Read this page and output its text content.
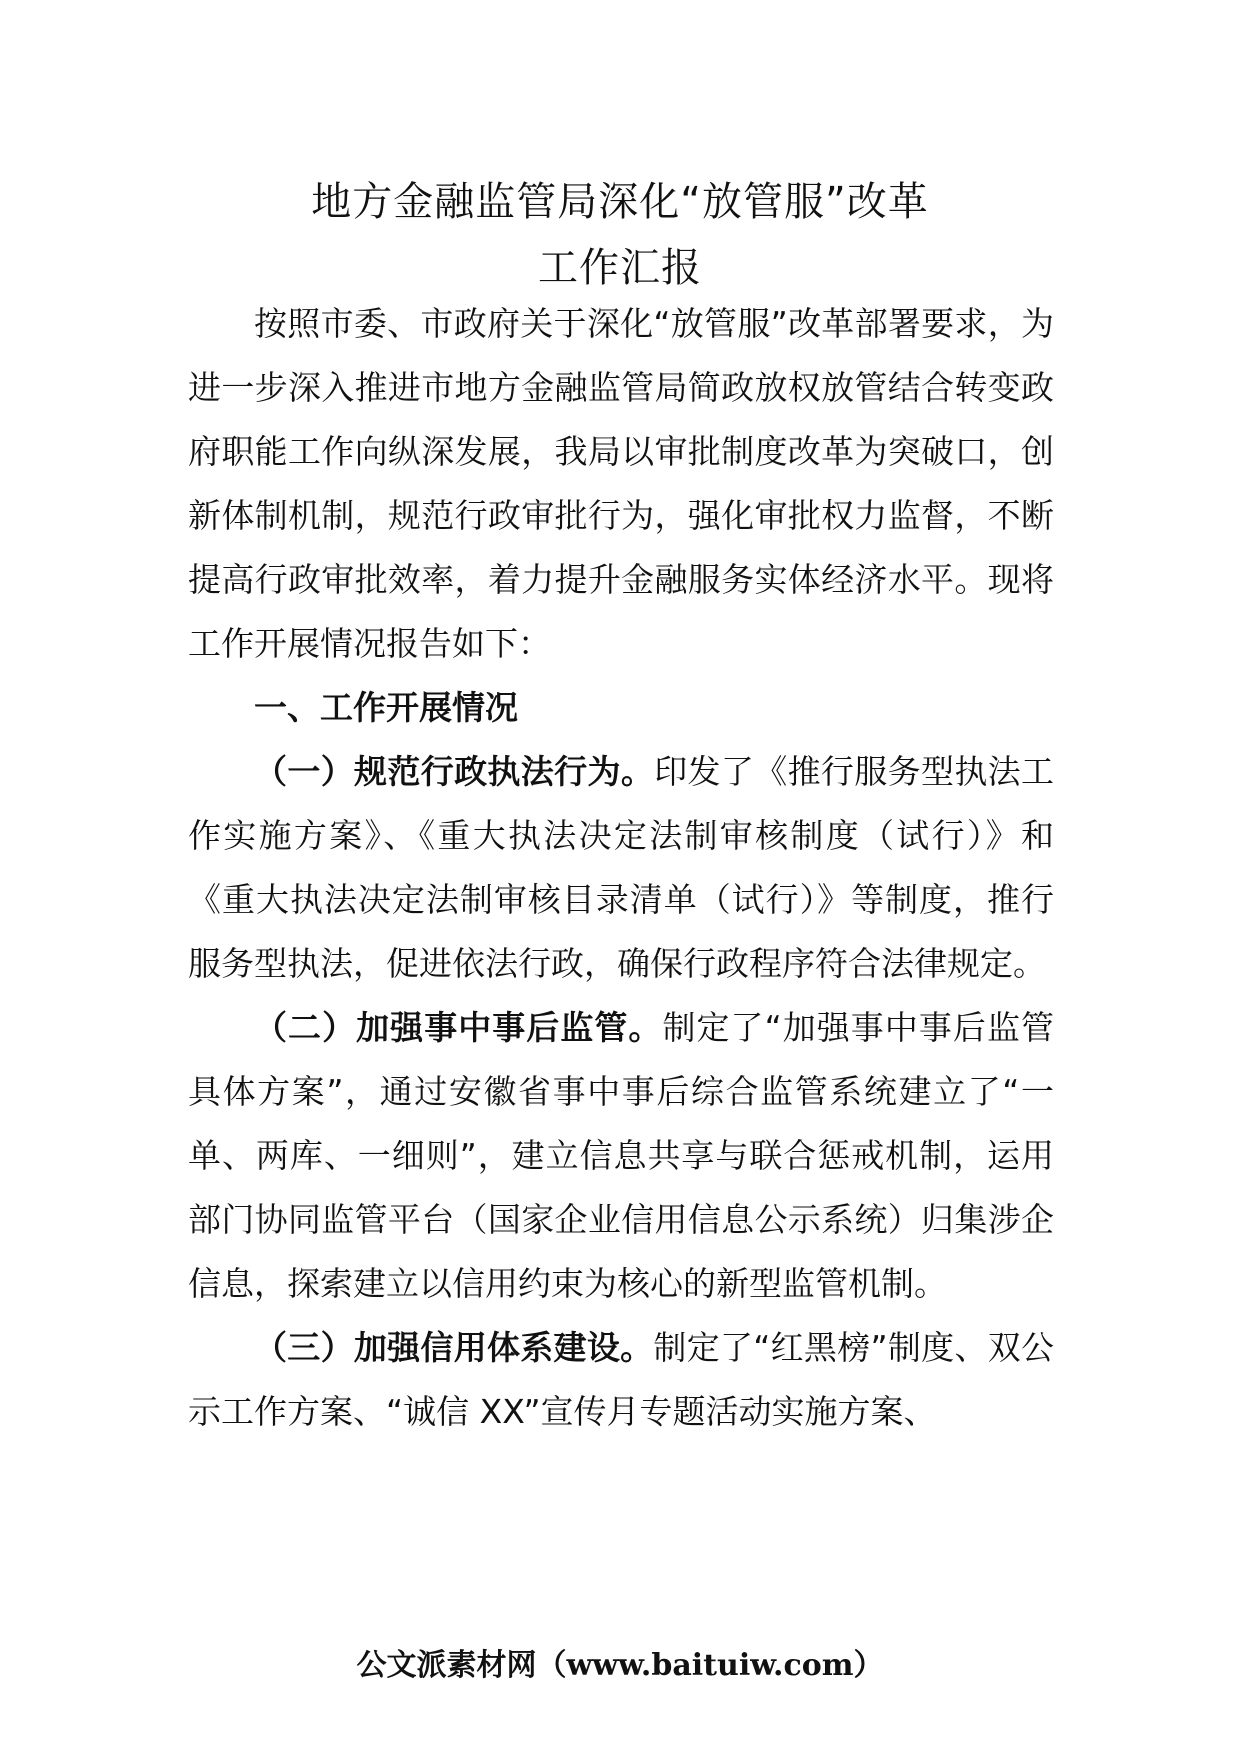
地方金融监管局深化“放管服”改革
工作汇报

按照市委、市政府关于深化“放管服”改革部署要求，为进一步深入推进市地方金融监管局简政放权放管结合转变政府职能工作向纵深发展，我局以审批制度改革为突破口，创新体制机制，规范行政审批行为，强化审批权力监督，不断提高行政审批效率，着力提升金融服务实体经济水平。现将工作开展情况报告如下：

一、工作开展情况

（一）规范行政执法行为。印发了《推行服务型执法工作实施方案》、《重大执法决定法制审核制度（试行）》和《重大执法决定法制审核目录清单（试行）》等制度，推行服务型执法，促进依法行政，确保行政程序符合法律规定。

（二）加强事中事后监管。制定了“加强事中事后监管具体方案”，通过安徽省事中事后综合监管系统建立了“一单、两库、一细则”，建立信息共享与联合惩戒机制，运用部门协同监管平台（国家企业信用信息公示系统）归集涉企信息，探索建立以信用约束为核心的新型监管机制。

（三）加强信用体系建设。制定了“红黑榜”制度、双公示工作方案、“诚信 XX”宣传月专题活动实施方案、

公文派素材网（www.baituiw.com）
